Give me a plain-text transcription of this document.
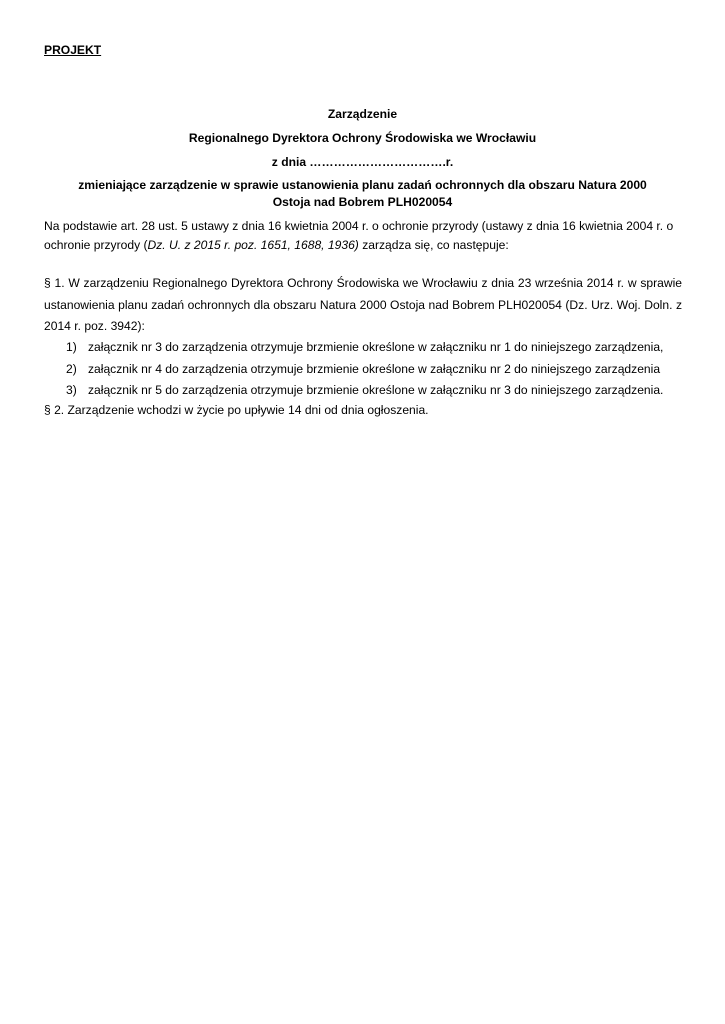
PROJEKT
Zarządzenie
Regionalnego Dyrektora Ochrony Środowiska we Wrocławiu
z dnia …………………………….r.
zmieniające zarządzenie w sprawie ustanowienia planu zadań ochronnych dla obszaru Natura 2000
Ostoja nad Bobrem PLH020054
Na podstawie art. 28 ust. 5 ustawy z dnia 16 kwietnia 2004 r. o ochronie przyrody (ustawy z dnia 16 kwietnia 2004 r. o ochronie przyrody (Dz. U. z 2015 r. poz. 1651, 1688, 1936) zarządza się, co następuje:
§ 1. W zarządzeniu Regionalnego Dyrektora Ochrony Środowiska we Wrocławiu z dnia 23 września 2014 r. w sprawie ustanowienia planu zadań ochronnych dla obszaru Natura 2000 Ostoja nad Bobrem PLH020054 (Dz. Urz. Woj. Doln. z 2014 r. poz. 3942):
1) załącznik nr 3 do zarządzenia otrzymuje brzmienie określone w załączniku nr 1 do niniejszego zarządzenia,
2) załącznik nr 4 do zarządzenia otrzymuje brzmienie określone w załączniku nr 2 do niniejszego zarządzenia
3) załącznik nr 5 do zarządzenia otrzymuje brzmienie określone w załączniku nr 3 do niniejszego zarządzenia.
§ 2. Zarządzenie wchodzi w życie po upływie 14 dni od dnia ogłoszenia.
